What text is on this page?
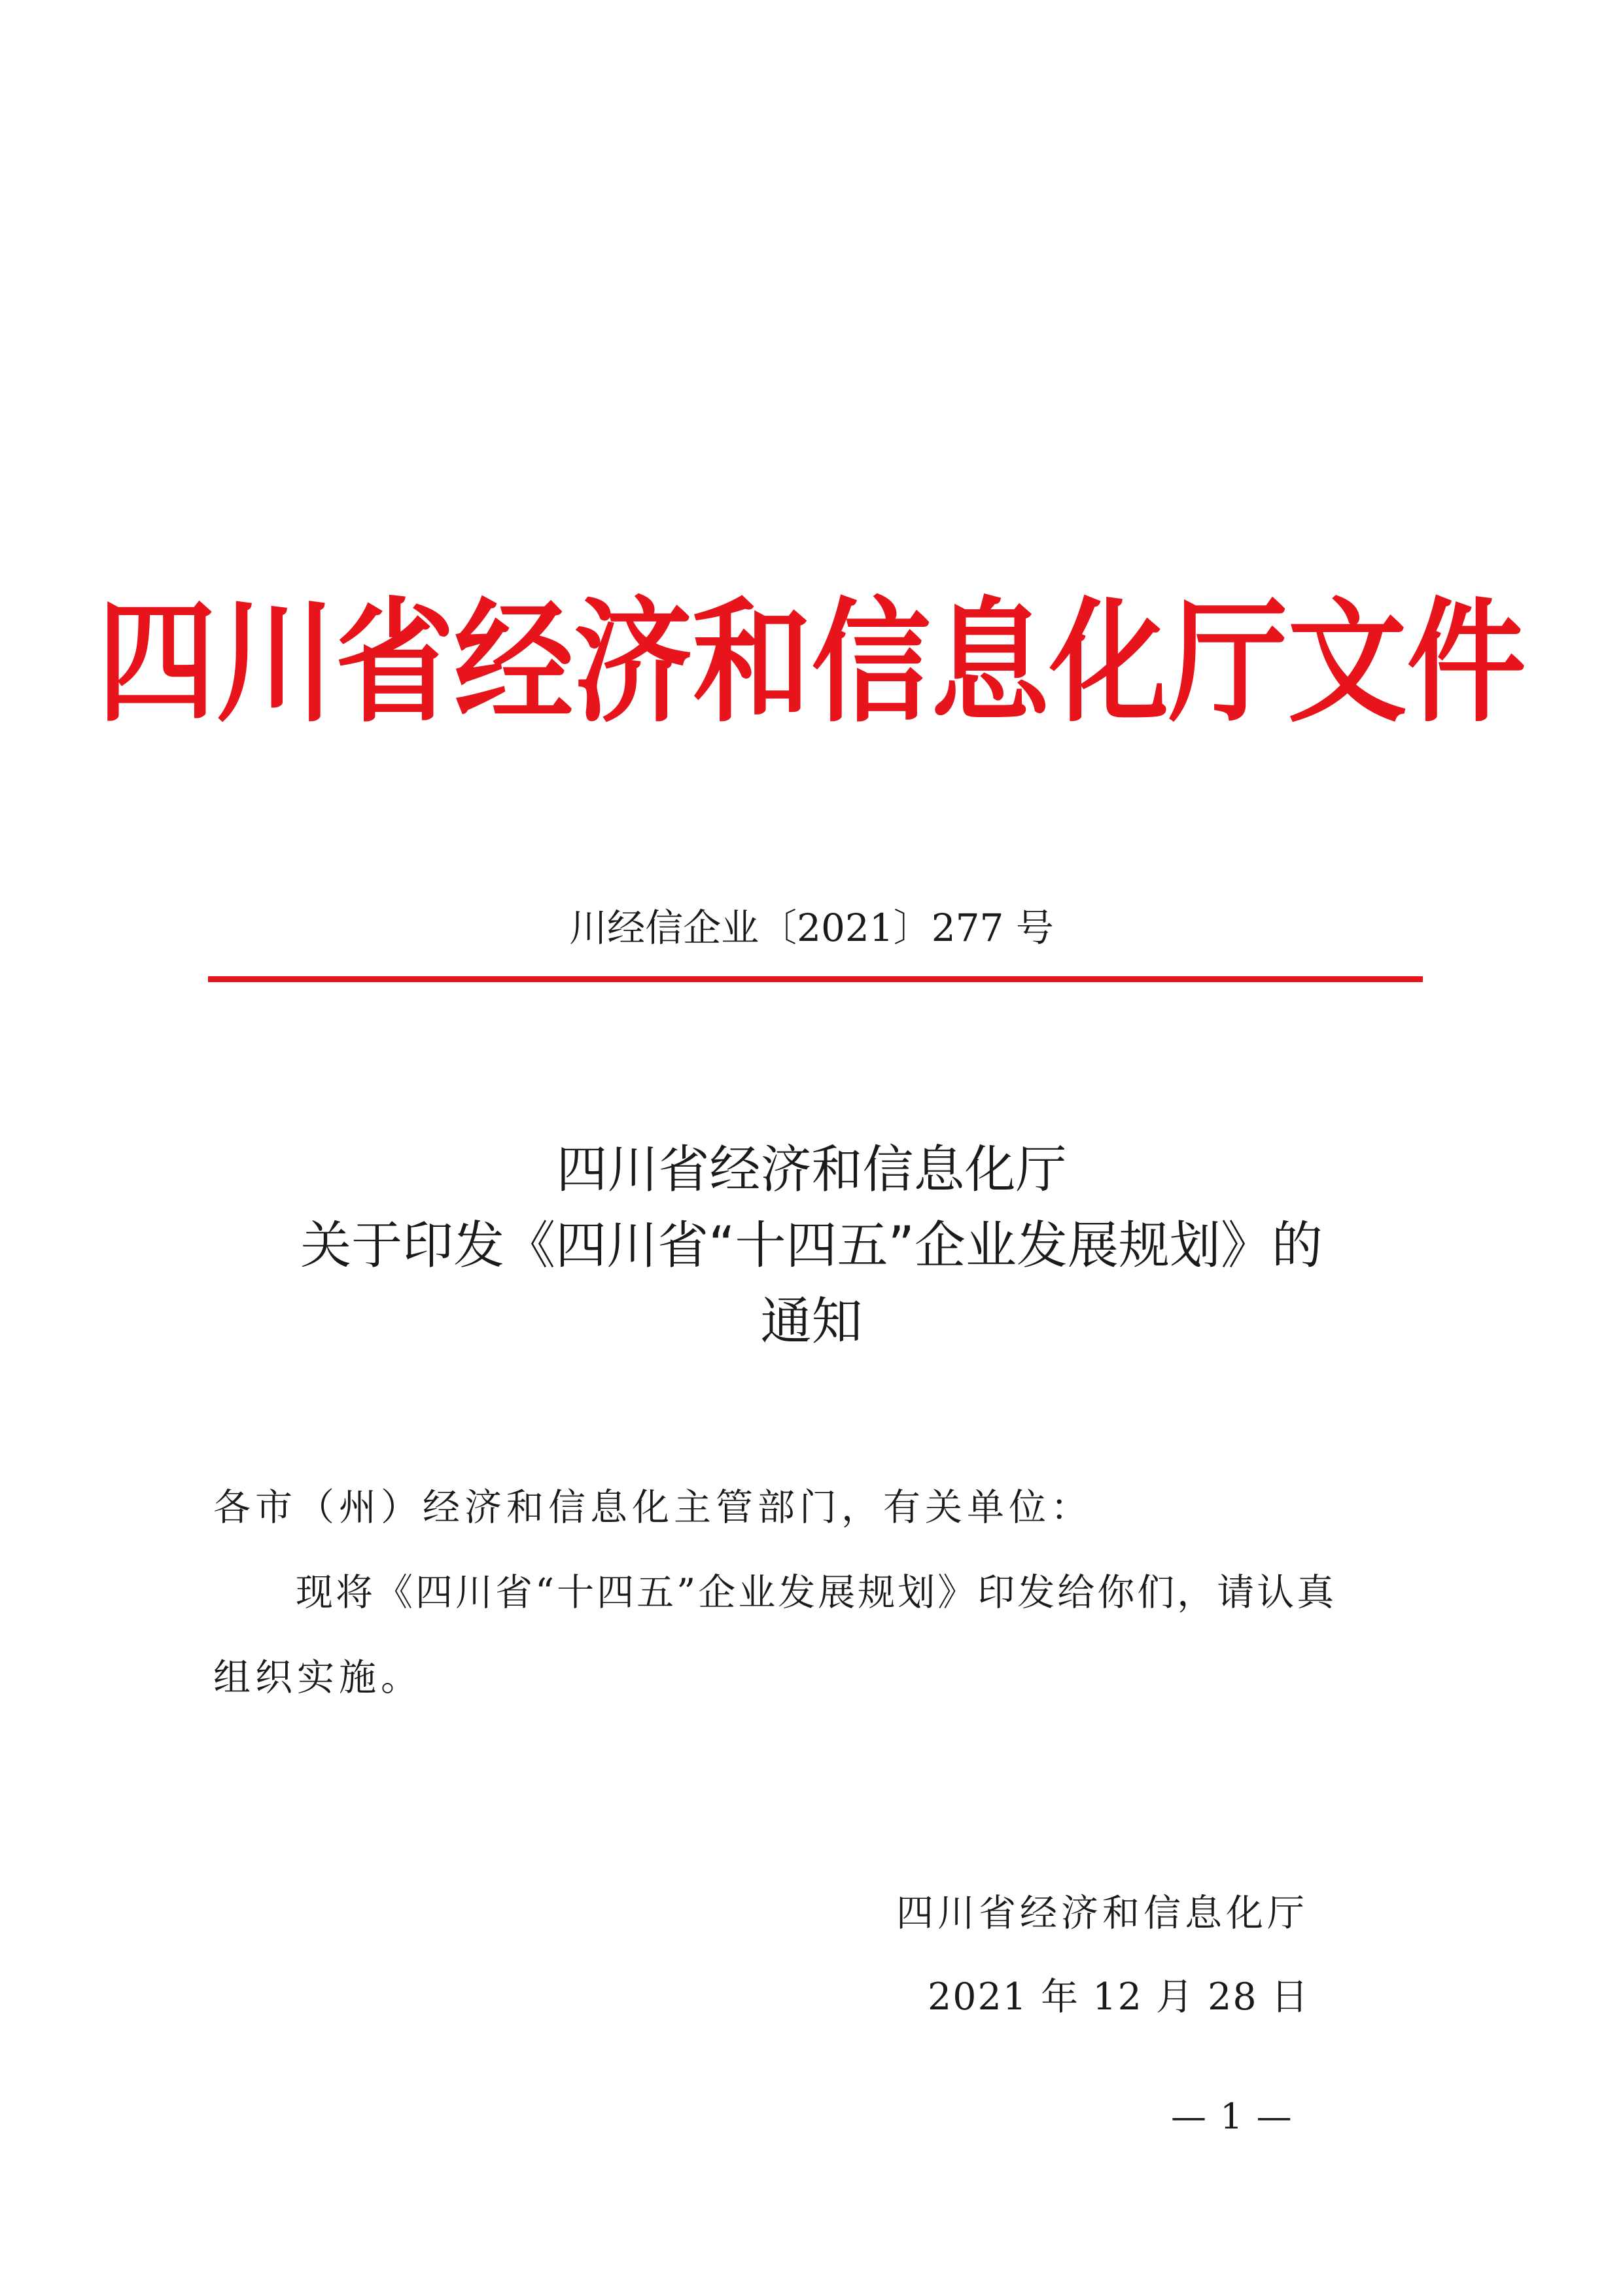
四川省经济和信息化厅文件
川经信企业〔2021〕277 号
四川省经济和信息化厅
关于印发《四川省“十四五”企业发展规划》的
通知
各市（州）经济和信息化主管部门，有关单位：
现将《四川省“十四五”企业发展规划》印发给你们，请认真
组织实施。
四川省经济和信息化厅
2021 年 12 月 28 日
— 1 —
